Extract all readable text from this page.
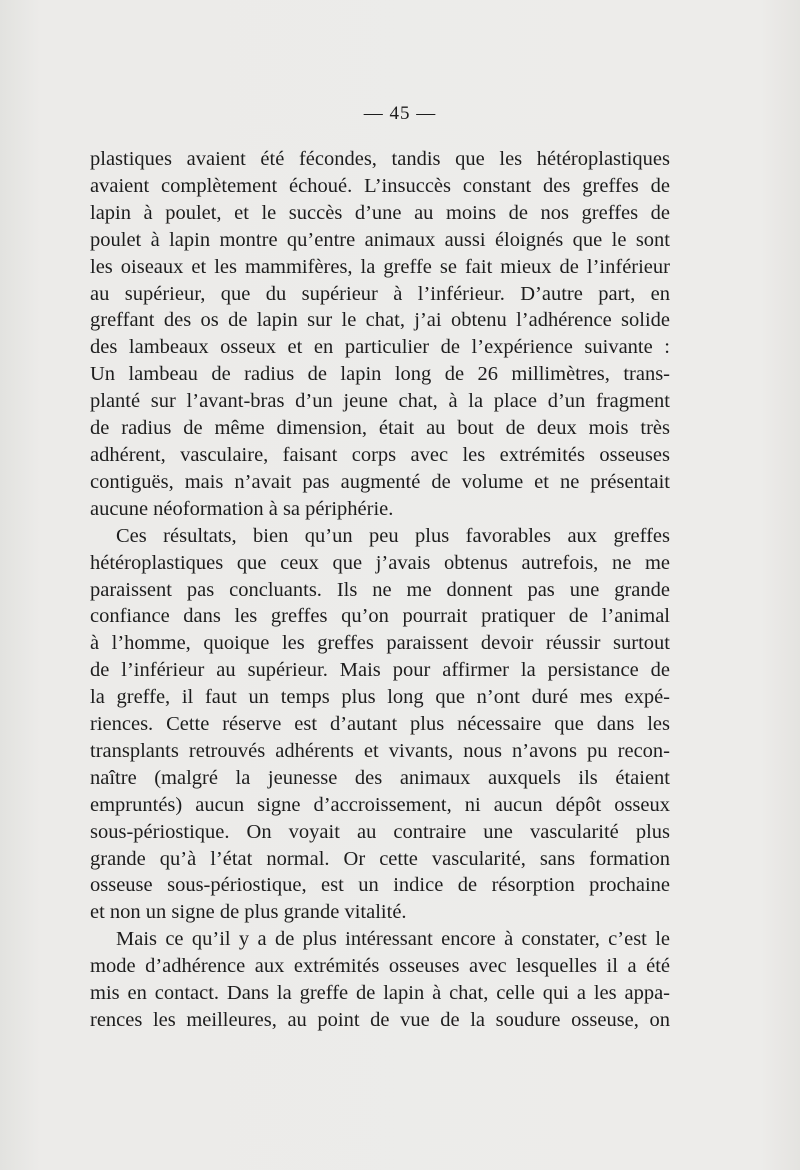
— 45 —
plastiques avaient été fécondes, tandis que les hétéroplastiques
avaient complètement échoué. L’insuccès constant des greffes de
lapin à poulet, et le succès d’une au moins de nos greffes de
poulet à lapin montre qu’entre animaux aussi éloignés que le sont
les oiseaux et les mammifères, la greffe se fait mieux de l’inférieur
au supérieur, que du supérieur à l’inférieur. D’autre part, en
greffant des os de lapin sur le chat, j’ai obtenu l’adhérence solide
des lambeaux osseux et en particulier de l’expérience suivante :
Un lambeau de radius de lapin long de 26 millimètres, trans-
planté sur l’avant-bras d’un jeune chat, à la place d’un fragment
de radius de même dimension, était au bout de deux mois très
adhérent, vasculaire, faisant corps avec les extrémités osseuses
contiguës, mais n’avait pas augmenté de volume et ne présentait
aucune néoformation à sa périphérie.
Ces résultats, bien qu’un peu plus favorables aux greffes
hétéroplastiques que ceux que j’avais obtenus autrefois, ne me
paraissent pas concluants. Ils ne me donnent pas une grande
confiance dans les greffes qu’on pourrait pratiquer de l’animal
à l’homme, quoique les greffes paraissent devoir réussir surtout
de l’inférieur au supérieur. Mais pour affirmer la persistance de
la greffe, il faut un temps plus long que n’ont duré mes expé-
riences. Cette réserve est d’autant plus nécessaire que dans les
transplants retrouvés adhérents et vivants, nous n’avons pu recon-
naître (malgré la jeunesse des animaux auxquels ils étaient
empruntés) aucun signe d’accroissement, ni aucun dépôt osseux
sous-périostique. On voyait au contraire une vascularité plus
grande qu’à l’état normal. Or cette vascularité, sans formation
osseuse sous-périostique, est un indice de résorption prochaine
et non un signe de plus grande vitalité.
Mais ce qu’il y a de plus intéressant encore à constater, c’est le
mode d’adhérence aux extrémités osseuses avec lesquelles il a été
mis en contact. Dans la greffe de lapin à chat, celle qui a les appa-
rences les meilleures, au point de vue de la soudure osseuse, on
